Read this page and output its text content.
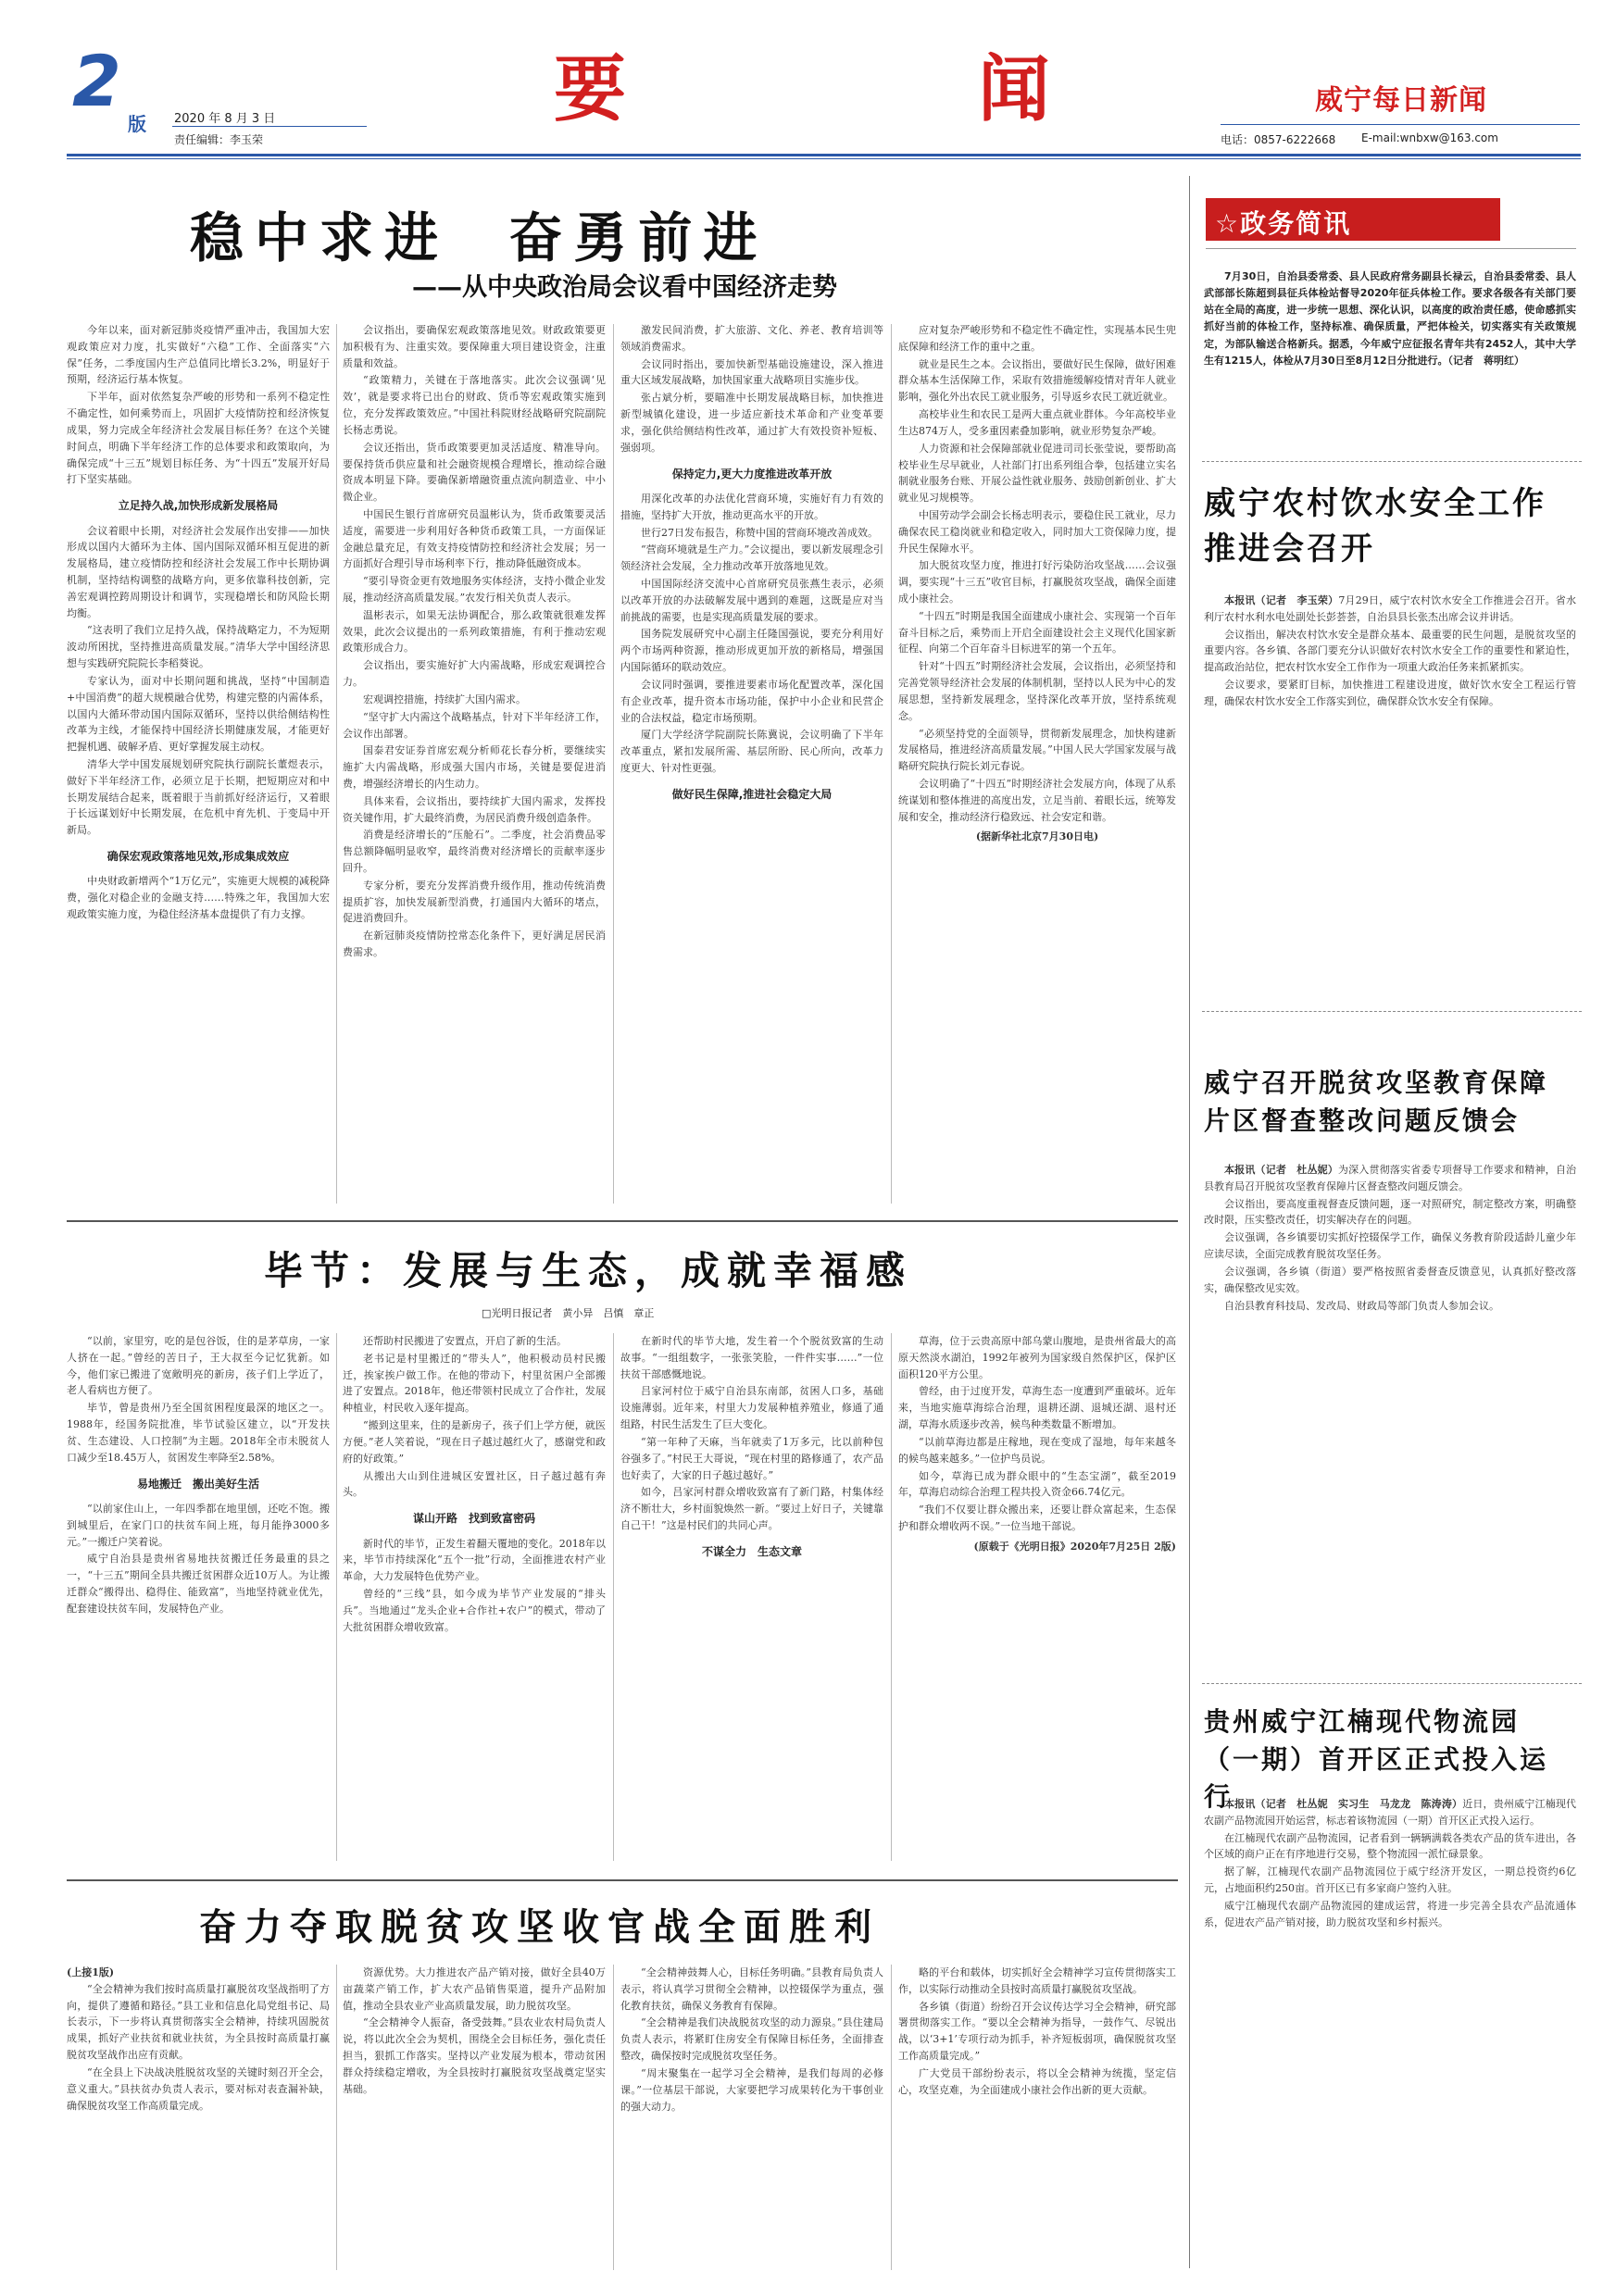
2
版 2020 年 8 月 3 日
责任编辑：李玉荣
要	闻	威宁每日新闻
电话：0857-6222668 E-mail:wnbxw@163.com
稳中求进  奋勇前进
——从中央政治局会议看中国经济走势

今年以来，面对新冠肺炎疫情严重冲击，我国加大宏观政策应对力度，扎实做好“六稳”工作、全面落实“六保”任务，二季度国内生产总值同比增长3.2%，明显好于预期，经济运行基本恢复。

下半年，面对依然复杂严峻的形势和一系列不稳定性不确定性，如何乘势而上，巩固扩大疫情防控和经济恢复成果，努力完成全年经济社会发展目标任务？在这个关键时间点，明确下半年经济工作的总体要求和政策取向，为确保完成“十三五”规划目标任务、为“十四五”发展开好局打下坚实基础。

立足持久战,加快形成新发展格局

会议着眼中长期，对经济社会发展作出安排——加快形成以国内大循环为主体、国内国际双循环相互促进的新发展格局，建立疫情防控和经济社会发展工作中长期协调机制，坚持结构调整的战略方向，更多依靠科技创新，完善宏观调控跨周期设计和调节，实现稳增长和防风险长期均衡。

“这表明了我们立足持久战，保持战略定力，不为短期波动所困扰，坚持推进高质量发展。”清华大学中国经济思想与实践研究院院长李稻葵说。

专家认为，面对中长期问题和挑战，坚持“中国制造+中国消费”的超大规模融合优势，构建完整的内需体系，以国内大循环带动国内国际双循环，坚持以供给侧结构性改革为主线，才能保持中国经济长期健康发展，才能更好把握机遇、破解矛盾、更好掌握发展主动权。

清华大学中国发展规划研究院执行副院长董煜表示，做好下半年经济工作，必须立足于长期，把短期应对和中长期发展结合起来，既着眼于当前抓好经济运行，又着眼于长远谋划好中长期发展，在危机中育先机、于变局中开新局。

确保宏观政策落地见效,形成集成效应

中央财政新增两个“1万亿元”，实施更大规模的减税降费，强化对稳企业的金融支持……特殊之年，我国加大宏观政策实施力度，为稳住经济基本盘提供了有力支撑。

会议指出，要确保宏观政策落地见效。财政政策要更加积极有为、注重实效。要保障重大项目建设资金，注重质量和效益。

“政策精力，关键在于落地落实。此次会议强调‘见效’，就是要求将已出台的财政、货币等宏观政策实施到位，充分发挥政策效应。”中国社科院财经战略研究院副院长杨志勇说。

会议还指出，货币政策要更加灵活适度、精准导向。要保持货币供应量和社会融资规模合理增长，推动综合融资成本明显下降。要确保新增融资重点流向制造业、中小微企业。

中国民生银行首席研究员温彬认为，货币政策要灵活适度，需要进一步利用好各种货币政策工具，一方面保证金融总量充足，有效支持疫情防控和经济社会发展；另一方面抓好合理引导市场利率下行，推动降低融资成本。

“要引导资金更有效地服务实体经济，支持小微企业发展，推动经济高质量发展。”农发行相关负责人表示。

温彬表示，如果无法协调配合，那么政策就很难发挥效果，此次会议提出的一系列政策措施，有利于推动宏观政策形成合力。

会议指出，要实施好扩大内需战略，形成宏观调控合力。

宏观调控措施，持续扩大国内需求。

“坚守扩大内需这个战略基点，针对下半年经济工作，会议作出部署。

国泰君安证券首席宏观分析师花长春分析，要继续实施扩大内需战略，形成强大国内市场，关键是要促进消费，增强经济增长的内生动力。

具体来看，会议指出，要持续扩大国内需求，发挥投资关键作用，扩大最终消费，为居民消费升级创造条件。

消费是经济增长的“压舱石”。二季度，社会消费品零售总额降幅明显收窄，最终消费对经济增长的贡献率逐步回升。

专家分析，要充分发挥消费升级作用，推动传统消费提质扩容，加快发展新型消费，打通国内大循环的堵点，促进消费回升。

在新冠肺炎疫情防控常态化条件下，更好满足居民消费需求。

激发民间消费，扩大旅游、文化、养老、教育培训等领域消费需求。

会议同时指出，要加快新型基础设施建设，深入推进重大区域发展战略，加快国家重大战略项目实施步伐。

张占斌分析，要瞄准中长期发展战略目标，加快推进新型城镇化建设，进一步适应新技术革命和产业变革要求，强化供给侧结构性改革，通过扩大有效投资补短板、强弱项。

保持定力,更大力度推进改革开放

用深化改革的办法优化营商环境，实施好有力有效的措施，坚持扩大开放，推动更高水平的开放。

世行27日发布报告，称赞中国的营商环境改善成效。

“营商环境就是生产力。”会议提出，要以新发展理念引领经济社会发展，全力推动改革开放落地见效。

中国国际经济交流中心首席研究员张燕生表示，必须以改革开放的办法破解发展中遇到的难题，这既是应对当前挑战的需要，也是实现高质量发展的要求。

国务院发展研究中心副主任隆国强说，要充分利用好两个市场两种资源，推动形成更加开放的新格局，增强国内国际循环的联动效应。

会议同时强调，要推进要素市场化配置改革，深化国有企业改革，提升资本市场功能，保护中小企业和民营企业的合法权益，稳定市场预期。

厦门大学经济学院副院长陈冀说，会议明确了下半年改革重点，紧扣发展所需、基层所盼、民心所向，改革力度更大、针对性更强。

做好民生保障,推进社会稳定大局

应对复杂严峻形势和不稳定性不确定性，实现基本民生兜底保障和经济工作的重中之重。

就业是民生之本。会议指出，要做好民生保障，做好困难群众基本生活保障工作，采取有效措施缓解疫情对青年人就业影响，强化外出农民工就业服务，引导返乡农民工就近就业。

高校毕业生和农民工是两大重点就业群体。今年高校毕业生达874万人，受多重因素叠加影响，就业形势复杂严峻。

人力资源和社会保障部就业促进司司长张莹说，要帮助高校毕业生尽早就业，人社部门打出系列组合拳，包括建立实名制就业服务台账、开展公益性就业服务、鼓励创新创业、扩大就业见习规模等。

中国劳动学会副会长杨志明表示，要稳住民工就业，尽力确保农民工稳岗就业和稳定收入，同时加大工资保障力度，提升民生保障水平。

加大脱贫攻坚力度，推进打好污染防治攻坚战……会议强调，要实现“十三五”收官目标，打赢脱贫攻坚战，确保全面建成小康社会。

“十四五”时期是我国全面建成小康社会、实现第一个百年奋斗目标之后，乘势而上开启全面建设社会主义现代化国家新征程、向第二个百年奋斗目标进军的第一个五年。

针对“十四五”时期经济社会发展，会议指出，必须坚持和完善党领导经济社会发展的体制机制，坚持以人民为中心的发展思想，坚持新发展理念，坚持深化改革开放，坚持系统观念。

“必须坚持党的全面领导，贯彻新发展理念，加快构建新发展格局，推进经济高质量发展。”中国人民大学国家发展与战略研究院执行院长刘元春说。

会议明确了“十四五”时期经济社会发展方向，体现了从系统谋划和整体推进的高度出发，立足当前、着眼长远，统筹发展和安全，推动经济行稳致远、社会安定和谐。

(据新华社北京7月30日电)
毕节：发展与生态，成就幸福感
□光明日报记者　黄小异　吕慎　章正

“以前，家里穷，吃的是包谷饭，住的是茅草房，一家人挤在一起。”曾经的苦日子，王大叔至今记忆犹新。如今，他们家已搬进了宽敞明亮的新房，孩子们上学近了，老人看病也方便了。

毕节，曾是贵州乃至全国贫困程度最深的地区之一。1988年，经国务院批准，毕节试验区建立，以“开发扶贫、生态建设、人口控制”为主题。2018年全市未脱贫人口减少至18.45万人，贫困发生率降至2.58%。

易地搬迁　搬出美好生活

“以前家住山上，一年四季都在地里刨，还吃不饱。搬到城里后，在家门口的扶贫车间上班，每月能挣3000多元。”一搬迁户笑着说。

威宁自治县是贵州省易地扶贫搬迁任务最重的县之一，“十三五”期间全县共搬迁贫困群众近10万人。为让搬迁群众“搬得出、稳得住、能致富”，当地坚持就业优先，配套建设扶贫车间，发展特色产业。

还帮助村民搬进了安置点，开启了新的生活。

老书记是村里搬迁的“带头人”，他积极动员村民搬迁，挨家挨户做工作。在他的带动下，村里贫困户全部搬进了安置点。2018年，他还带领村民成立了合作社，发展种植业，村民收入逐年提高。

“搬到这里来，住的是新房子，孩子们上学方便，就医方便。”老人笑着说，“现在日子越过越红火了，感谢党和政府的好政策。”

从搬出大山到住进城区安置社区，日子越过越有奔头。

谋山开路　找到致富密码

新时代的毕节，正发生着翻天覆地的变化。2018年以来，毕节市持续深化“五个一批”行动，全面推进农村产业革命，大力发展特色优势产业。

曾经的“三线”县，如今成为毕节产业发展的“排头兵”。当地通过“龙头企业+合作社+农户”的模式，带动了大批贫困群众增收致富。

在新时代的毕节大地，发生着一个个脱贫致富的生动故事。“一组组数字，一张张笑脸，一件件实事……”一位扶贫干部感慨地说。

吕家河村位于威宁自治县东南部，贫困人口多，基础设施薄弱。近年来，村里大力发展种植养殖业，修通了通组路，村民生活发生了巨大变化。

“第一年种了天麻，当年就卖了1万多元，比以前种包谷强多了。”村民王大哥说，“现在村里的路修通了，农产品也好卖了，大家的日子越过越好。”

如今，吕家河村群众增收致富有了新门路，村集体经济不断壮大，乡村面貌焕然一新。“要过上好日子，关键靠自己干！”这是村民们的共同心声。

不谋全力　生态文章

草海，位于云贵高原中部乌蒙山腹地，是贵州省最大的高原天然淡水湖泊，1992年被列为国家级自然保护区，保护区面积120平方公里。

曾经，由于过度开发，草海生态一度遭到严重破坏。近年来，当地实施草海综合治理，退耕还湖、退城还湖、退村还湖，草海水质逐步改善，候鸟种类数量不断增加。

“以前草海边都是庄稼地，现在变成了湿地，每年来越冬的候鸟越来越多。”一位护鸟员说。

如今，草海已成为群众眼中的“生态宝湖”，截至2019年，草海启动综合治理工程共投入资金66.74亿元。

“我们不仅要让群众搬出来，还要让群众富起来，生态保护和群众增收两不误。”一位当地干部说。

(原载于《光明日报》2020年7月25日 2版)
奋力夺取脱贫攻坚收官战全面胜利
(上接1版)

“全会精神为我们按时高质量打赢脱贫攻坚战指明了方向，提供了遵循和路径。”县工业和信息化局党组书记、局长表示，下一步将认真贯彻落实全会精神，持续巩固脱贫成果，抓好产业扶贫和就业扶贫，为全县按时高质量打赢脱贫攻坚战作出应有贡献。

“在全县上下决战决胜脱贫攻坚的关键时刻召开全会，意义重大。”县扶贫办负责人表示，要对标对表查漏补缺，确保脱贫攻坚工作高质量完成。

资源优势。大力推进农产品产销对接，做好全县40万亩蔬菜产销工作，扩大农产品销售渠道，提升产品附加值，推动全县农业产业高质量发展，助力脱贫攻坚。

“全会精神令人振奋，备受鼓舞。”县农业农村局负责人说，将以此次全会为契机，围绕全会目标任务，强化责任担当，狠抓工作落实。坚持以产业发展为根本，带动贫困群众持续稳定增收，为全县按时打赢脱贫攻坚战奠定坚实基础。

“全会精神鼓舞人心，目标任务明确。”县教育局负责人表示，将认真学习贯彻全会精神，以控辍保学为重点，强化教育扶贫，确保义务教育有保障。

“全会精神是我们决战脱贫攻坚的动力源泉。”县住建局负责人表示，将紧盯住房安全有保障目标任务，全面排查整改，确保按时完成脱贫攻坚任务。

“周末聚集在一起学习全会精神，是我们每周的必修课。”一位基层干部说，大家要把学习成果转化为干事创业的强大动力。

略的平台和载体，切实抓好全会精神学习宣传贯彻落实工作，以实际行动推动全县按时高质量打赢脱贫攻坚战。

各乡镇（街道）纷纷召开会议传达学习全会精神，研究部署贯彻落实工作。“要以全会精神为指导，一鼓作气、尽锐出战，以‘3+1’专项行动为抓手，补齐短板弱项，确保脱贫攻坚工作高质量完成。”

广大党员干部纷纷表示，将以全会精神为统揽，坚定信心，攻坚克难，为全面建成小康社会作出新的更大贡献。

☆政务简讯
7月30日，自治县委常委、县人民政府常务副县长禄云，自治县委常委、县人武部部长陈超到县征兵体检站督导2020年征兵体检工作。要求各级各有关部门要站在全局的高度，进一步统一思想、深化认识，以高度的政治责任感，使命感抓实抓好当前的体检工作，坚持标准、确保质量，严把体检关，切实落实有关政策规定，为部队输送合格新兵。据悉，今年威宁应征报名青年共有2452人，其中大学生有1215人，体检从7月30日至8月12日分批进行。（记者　蒋明红）
威宁农村饮水安全工作推进会召开

本报讯（记者　李玉荣）7月29日，威宁农村饮水安全工作推进会召开。省水利厅农村水利水电处副处长彭荟荟，自治县县长张杰出席会议并讲话。

会议指出，解决农村饮水安全是群众基本、最重要的民生问题，是脱贫攻坚的重要内容。各乡镇、各部门要充分认识做好农村饮水安全工作的重要性和紧迫性，提高政治站位，把农村饮水安全工作作为一项重大政治任务来抓紧抓实。

会议要求，要紧盯目标，加快推进工程建设进度，做好饮水安全工程运行管理，确保农村饮水安全工作落实到位，确保群众饮水安全有保障。

威宁召开脱贫攻坚教育保障片区督查整改问题反馈会

本报讯（记者　杜丛妮）为深入贯彻落实省委专项督导工作要求和精神，自治县教育局召开脱贫攻坚教育保障片区督查整改问题反馈会。

会议指出，要高度重视督查反馈问题，逐一对照研究，制定整改方案，明确整改时限，压实整改责任，切实解决存在的问题。

会议强调，各乡镇要切实抓好控辍保学工作，确保义务教育阶段适龄儿童少年应读尽读，全面完成教育脱贫攻坚任务。

会议强调，各乡镇（街道）要严格按照省委督查反馈意见，认真抓好整改落实，确保整改见实效。

自治县教育科技局、发改局、财政局等部门负责人参加会议。

贵州威宁江楠现代物流园（一期）首开区正式投入运行

本报讯（记者　杜丛妮　实习生　马龙龙　陈涛涛）近日，贵州威宁江楠现代农副产品物流园开始运营，标志着该物流园（一期）首开区正式投入运行。

在江楠现代农副产品物流园，记者看到一辆辆满载各类农产品的货车进出，各个区域的商户正在有序地进行交易，整个物流园一派忙碌景象。

据了解，江楠现代农副产品物流园位于威宁经济开发区，一期总投资约6亿元，占地面积约250亩。首开区已有多家商户签约入驻。

威宁江楠现代农副产品物流园的建成运营，将进一步完善全县农产品流通体系，促进农产品产销对接，助力脱贫攻坚和乡村振兴。
